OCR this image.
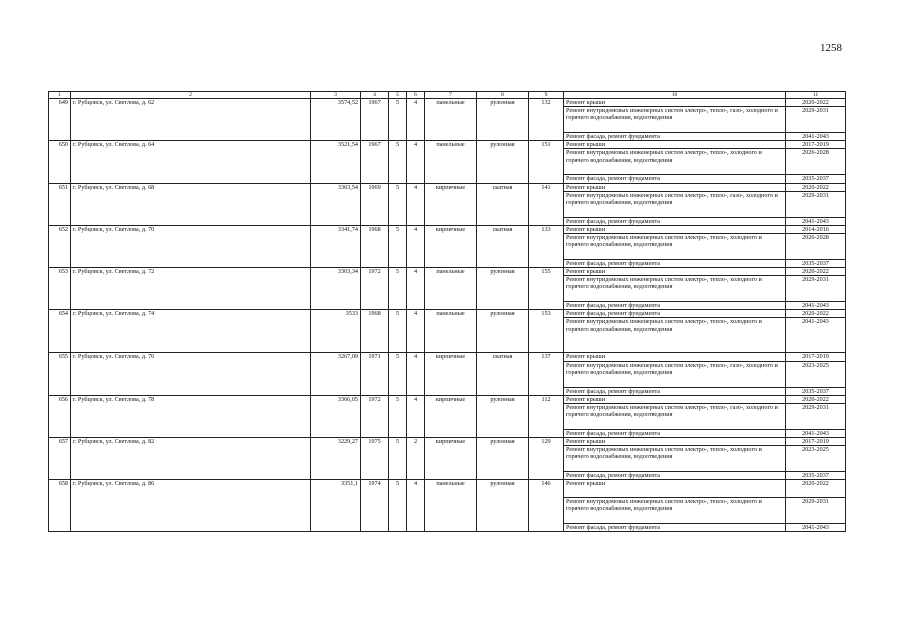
1258
1	2	3	4	5	6	7	8	9	10	11
649	г. Рубцовск, ул. Светлова, д. 62	3574,52	1967	5	4	панельные	рулонная	132	Ремонт крыши	2020-2022
									Ремонт внутридомовых инженерных систем электро-, тепло-, газо-, холодного и горячего водоснабжения, водоотведения	2029-2031
									Ремонт фасада, ремонт фундамента	2041-2043
650	г. Рубцовск, ул. Светлова, д. 64	3521,54	1967	5	4	панельные	рулонная	151	Ремонт крыши	2017-2019
									Ремонт внутридомовых инженерных систем электро-, тепло-, холодного и горячего водоснабжения, водоотведения	2026-2028
									Ремонт фасада, ремонт фундамента	2035-2037
651	г. Рубцовск, ул. Светлова, д. 68	3363,54	1969	5	4	кирпичные	скатная	141	Ремонт крыши	2020-2022
									Ремонт внутридомовых инженерных систем электро-, тепло-, газо-, холодного и горячего водоснабжения, водоотведения	2029-2031
									Ремонт фасада, ремонт фундамента	2041-2043
652	г. Рубцовск, ул. Светлова, д. 70	3341,74	1968	5	4	кирпичные	скатная	133	Ремонт крыши	2014-2016
									Ремонт внутридомовых инженерных систем электро-, тепло-, холодного и горячего водоснабжения, водоотведения	2026-2028
									Ремонт фасада, ремонт фундамента	2035-2037
653	г. Рубцовск, ул. Светлова, д. 72	3303,34	1972	5	4	панельные	рулонная	155	Ремонт крыши	2020-2022
									Ремонт внутридомовых инженерных систем электро-, тепло-, холодного и горячего водоснабжения, водоотведения	2029-2031
									Ремонт фасада, ремонт фундамента	2041-2043
654	г. Рубцовск, ул. Светлова, д. 74	3533	1968	5	4	панельные	рулонная	153	Ремонт фасада, ремонт фундамента	2020-2022
									Ремонт внутридомовых инженерных систем электро-, тепло-, холодного и горячего водоснабжения, водоотведения	2041-2043
655	г. Рубцовск, ул. Светлова, д. 76	3267,09	1971	5	4	кирпичные	скатная	137	Ремонт крыши	2017-2019
									Ремонт внутридомовых инженерных систем электро-, тепло-, газо-, холодного и горячего водоснабжения, водоотведения	2023-2025
									Ремонт фасада, ремонт фундамента	2035-2037
656	г. Рубцовск, ул. Светлова, д. 78	3366,05	1972	5	4	кирпичные	рулонная	112	Ремонт крыши	2020-2022
									Ремонт внутридомовых инженерных систем электро-, тепло-, газо-, холодного и горячего водоснабжения, водоотведения	2029-2031
									Ремонт фасада, ремонт фундамента	2041-2043
657	г. Рубцовск, ул. Светлова, д. 82	3229,27	1975	5	2	кирпичные	рулонная	129	Ремонт крыши	2017-2019
									Ремонт внутридомовых инженерных систем электро-, тепло-, холодного и горячего водоснабжения, водоотведения	2023-2025
									Ремонт фасада, ремонт фундамента	2035-2037
658	г. Рубцовск, ул. Светлова, д. 86	3351,1	1974	5	4	панельные	рулонная	146	Ремонт крыши	2020-2022
									Ремонт внутридомовых инженерных систем электро-, тепло-, холодного и горячего водоснабжения, водоотведения	2029-2031
									Ремонт фасада, ремонт фундамента	2041-2043
